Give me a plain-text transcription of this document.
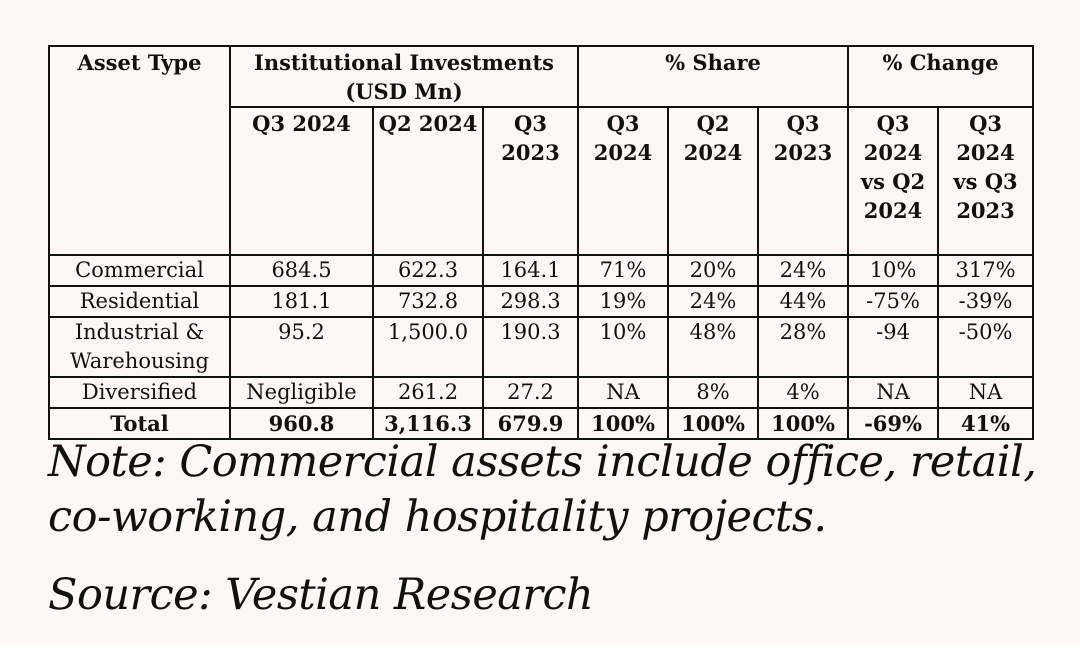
Asset Type	Institutional Investments (USD Mn)			% Share			% Change	
	Q3 2024	Q2 2024	Q3 2023	Q3 2024	Q2 2024	Q3 2023	Q3 2024 vs Q2 2024	Q3 2024 vs Q3 2023
Commercial	684.5	622.3	164.1	71%	20%	24%	10%	317%
Residential	181.1	732.8	298.3	19%	24%	44%	-75%	-39%
Industrial & Warehousing	95.2	1,500.0	190.3	10%	48%	28%	-94	-50%
Diversified	Negligible	261.2	27.2	NA	8%	4%	NA	NA
Total	960.8	3,116.3	679.9	100%	100%	100%	-69%	41%
Note: Commercial assets include office, retail, co-working, and hospitality projects.
Source: Vestian Research
